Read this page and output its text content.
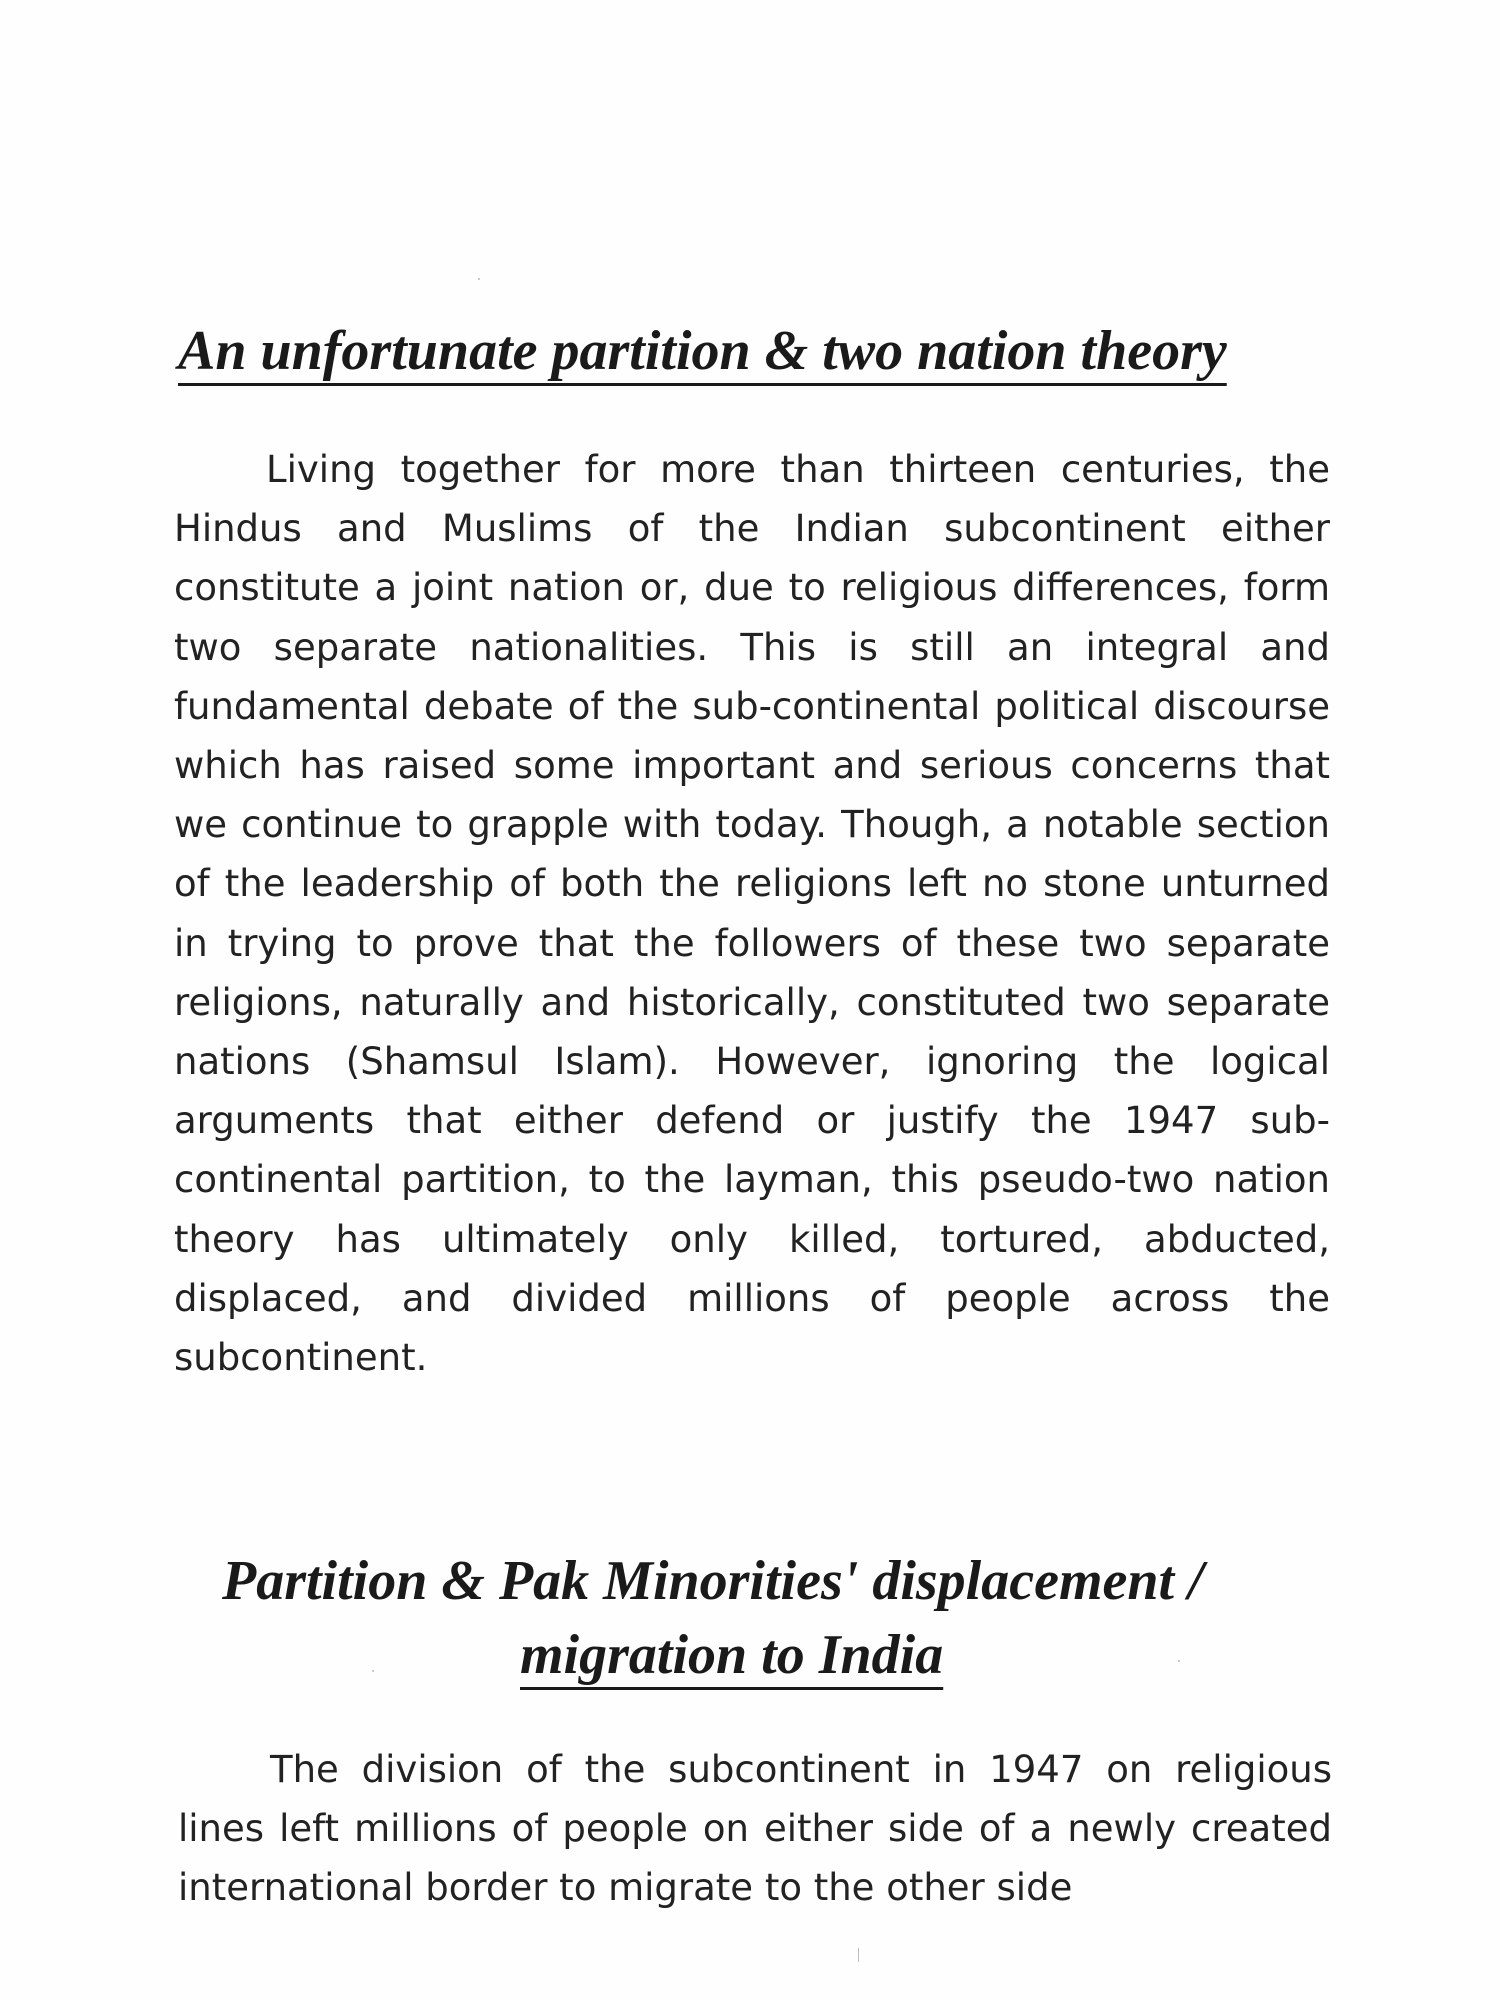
An unfortunate partition & two nation theory
Living together for more than thirteen centuries, the Hindus and Muslims of the Indian subcontinent either constitute a joint nation or, due to religious differences, form two separate nationalities. This is still an integral and fundamental debate of the sub-continental political discourse which has raised some important and serious concerns that we continue to grapple with today. Though, a notable section of the leadership of both the religions left no stone unturned in trying to prove that the followers of these two separate religions, naturally and historically, constituted two separate nations (Shamsul Islam). However, ignoring the logical arguments that either defend or justify the 1947 sub-continental partition, to the layman, this pseudo-two nation theory has ultimately only killed, tortured, abducted, displaced, and divided millions of people across the subcontinent.
Partition & Pak Minorities' displacement /
migration to India
The division of the subcontinent in 1947 on religious lines left millions of people on either side of a newly created international border to migrate to the other side
